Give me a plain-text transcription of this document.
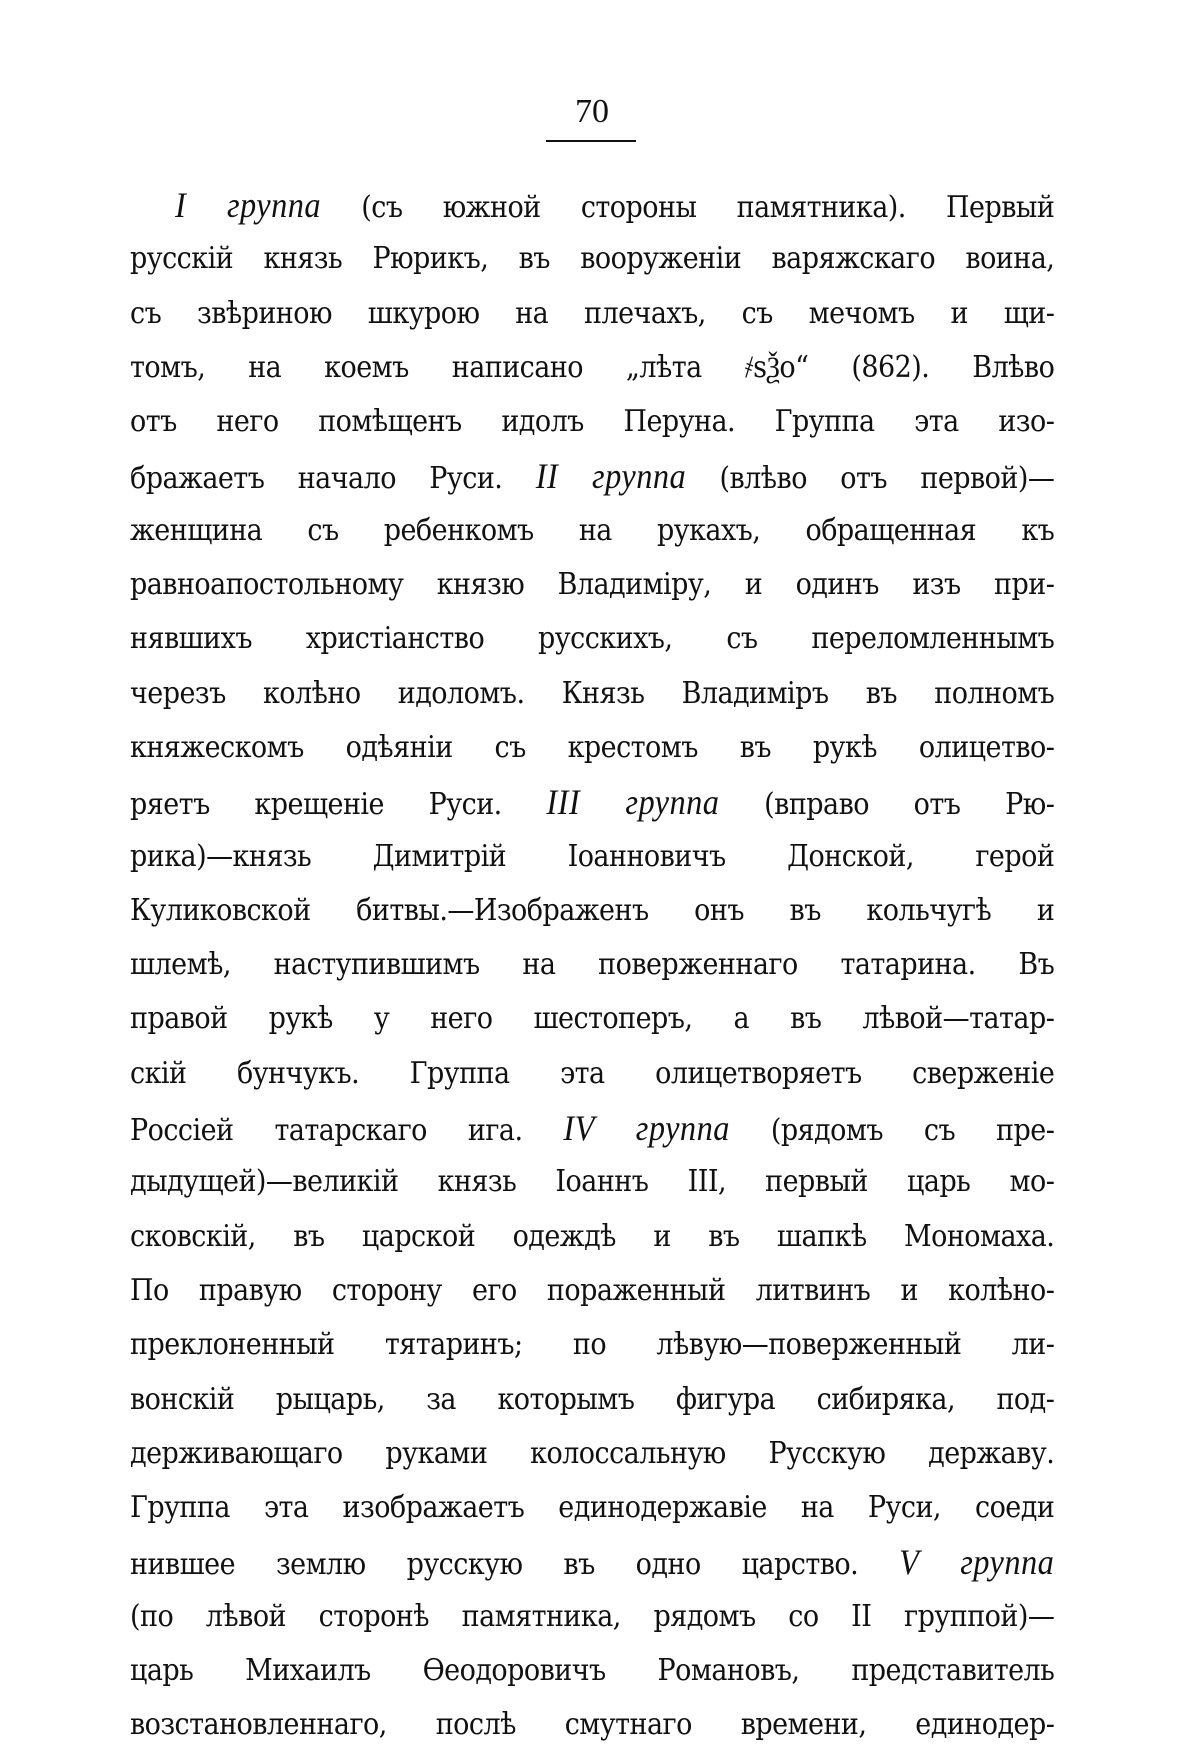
70
I группа (съ южной стороны памятника). Первый
русскій князь Рюрикъ, въ вооруженіи варяжскаго воина,
съ звѣриною шкурою на плечахъ, съ мечомъ и щи-
томъ, на коемъ написано „лѣта ҂sѮо“ (862). Влѣво
отъ него помѣщенъ идолъ Перуна. Группа эта изо-
бражаетъ начало Руси. II группа (влѣво отъ первой)—
женщина съ ребенкомъ на рукахъ, обращенная къ
равноапостольному князю Владиміру, и одинъ изъ при-
нявшихъ христіанство русскихъ, съ переломленнымъ
черезъ колѣно идоломъ. Князь Владиміръ въ полномъ
княжескомъ одѣяніи съ крестомъ въ рукѣ олицетво-
ряетъ крещеніе Руси. III группа (вправо отъ Рю-
рика)—князь Димитрій Іоанновичъ Донской, герой
Куликовской битвы.—Изображенъ онъ въ кольчугѣ и
шлемѣ, наступившимъ на поверженнаго татарина. Въ
правой рукѣ у него шестоперъ, а въ лѣвой—татар-
скій бунчукъ. Группа эта олицетворяетъ сверженіе
Россіей татарскаго ига. IV группа (рядомъ съ пре-
дыдущей)—великій князь Іоаннъ III, первый царь мо-
сковскій, въ царской одеждѣ и въ шапкѣ Мономаха.
По правую сторону его пораженный литвинъ и колѣно-
преклоненный тятаринъ; по лѣвую—поверженный ли-
вонскій рыцарь, за которымъ фигура сибиряка, под-
держивающаго руками колоссальную Русскую державу.
Группа эта изображаетъ единодержавіе на Руси, соеди
нившее землю русскую въ одно царство. V группа
(по лѣвой сторонѣ памятника, рядомъ со II группой)—
царь Михаилъ Ѳеодоровичъ Романовъ, представитель
возстановленнаго, послѣ смутнаго времени, единодер-
